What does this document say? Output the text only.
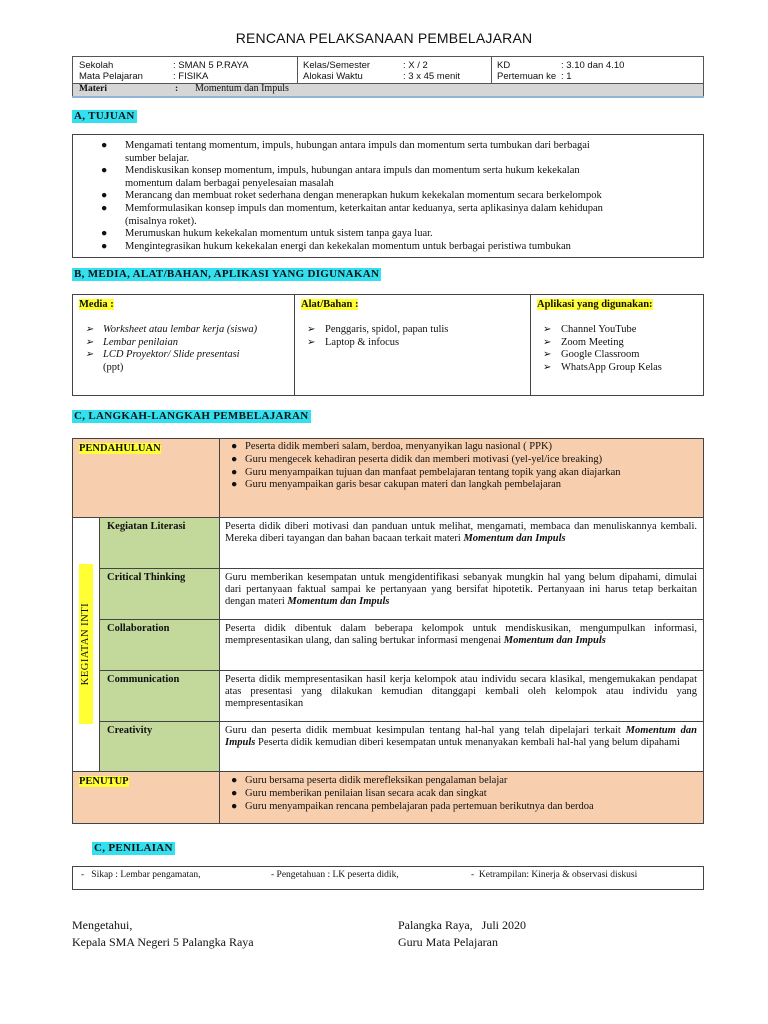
RENCANA PELAKSANAAN PEMBELAJARAN
Sekolah	: SMAN 5 P.RAYA	Kelas/Semester	: X / 2	KD	: 3.10 dan 4.10
Mata Pelajaran	: FISIKA	Alokasi Waktu	: 3 x 45 menit	Pertemuan ke : 1
Materi	: Momentum dan Impuls
A, TUJUAN
● Mengamati tentang momentum, impuls, hubungan antara impuls dan momentum serta tumbukan dari berbagai
sumber belajar.
● Mendiskusikan konsep momentum, impuls, hubungan antara impuls dan momentum serta hukum kekekalan
momentum dalam berbagai penyelesaian masalah
● Merancang dan membuat roket sederhana dengan menerapkan hukum kekekalan momentum secara berkelompok
● Memformulasikan konsep impuls dan momentum, keterkaitan antar keduanya, serta aplikasinya dalam kehidupan
(misalnya roket).
● Merumuskan hukum kekekalan momentum untuk sistem tanpa gaya luar.
● Mengintegrasikan hukum kekekalan energi dan kekekalan momentum untuk berbagai peristiwa tumbukan
B, MEDIA, ALAT/BAHAN, APLIKASI YANG DIGUNAKAN
Media :
➢ Worksheet atau lembar kerja (siswa)
➢ Lembar penilaian
➢ LCD Proyektor/ Slide presentasi
(ppt)
Alat/Bahan :
➢ Penggaris, spidol, papan tulis
➢ Laptop & infocus
Aplikasi yang digunakan:
➢ Channel YouTube
➢ Zoom Meeting
➢ Google Classroom
➢ WhatsApp Group Kelas
C, LANGKAH-LANGKAH PEMBELAJARAN
PENDAHULUAN	● Peserta didik memberi salam, berdoa, menyanyikan lagu nasional ( PPK)
● Guru mengecek kehadiran peserta didik dan memberi motivasi (yel-yel/ice breaking)
● Guru menyampaikan tujuan dan manfaat pembelajaran tentang topik yang akan diajarkan
● Guru menyampaikan garis besar cakupan materi dan langkah pembelajaran
KEGIATAN INTI
Kegiatan Literasi	Peserta didik diberi motivasi dan panduan untuk melihat, mengamati, membaca dan menuliskannya kembali. Mereka diberi tayangan dan bahan bacaan terkait materi Momentum dan Impuls
Critical Thinking	Guru memberikan kesempatan untuk mengidentifikasi sebanyak mungkin hal yang belum dipahami, dimulai dari pertanyaan faktual sampai ke pertanyaan yang bersifat hipotetik. Pertanyaan ini harus tetap berkaitan dengan materi Momentum dan Impuls
Collaboration	Peserta didik dibentuk dalam beberapa kelompok untuk mendiskusikan, mengumpulkan informasi, mempresentasikan ulang, dan saling bertukar informasi mengenai Momentum dan Impuls
Communication	Peserta didik mempresentasikan hasil kerja kelompok atau individu secara klasikal, mengemukakan pendapat atas presentasi yang dilakukan kemudian ditanggapi kembali oleh kelompok atau individu yang mempresentasikan
Creativity	Guru dan peserta didik membuat kesimpulan tentang hal-hal yang telah dipelajari terkait Momentum dan Impuls Peserta didik kemudian diberi kesempatan untuk menanyakan kembali hal-hal yang belum dipahami
PENUTUP	● Guru bersama peserta didik merefleksikan pengalaman belajar
● Guru memberikan penilaian lisan secara acak dan singkat
● Guru menyampaikan rencana pembelajaran pada pertemuan berikutnya dan berdoa
C, PENILAIAN
-   Sikap : Lembar pengamatan,	- Pengetahuan : LK peserta didik,	-  Ketrampilan: Kinerja & observasi diskusi
Mengetahui,
Kepala SMA Negeri 5 Palangka Raya
Palangka Raya,   Juli 2020
Guru Mata Pelajaran
